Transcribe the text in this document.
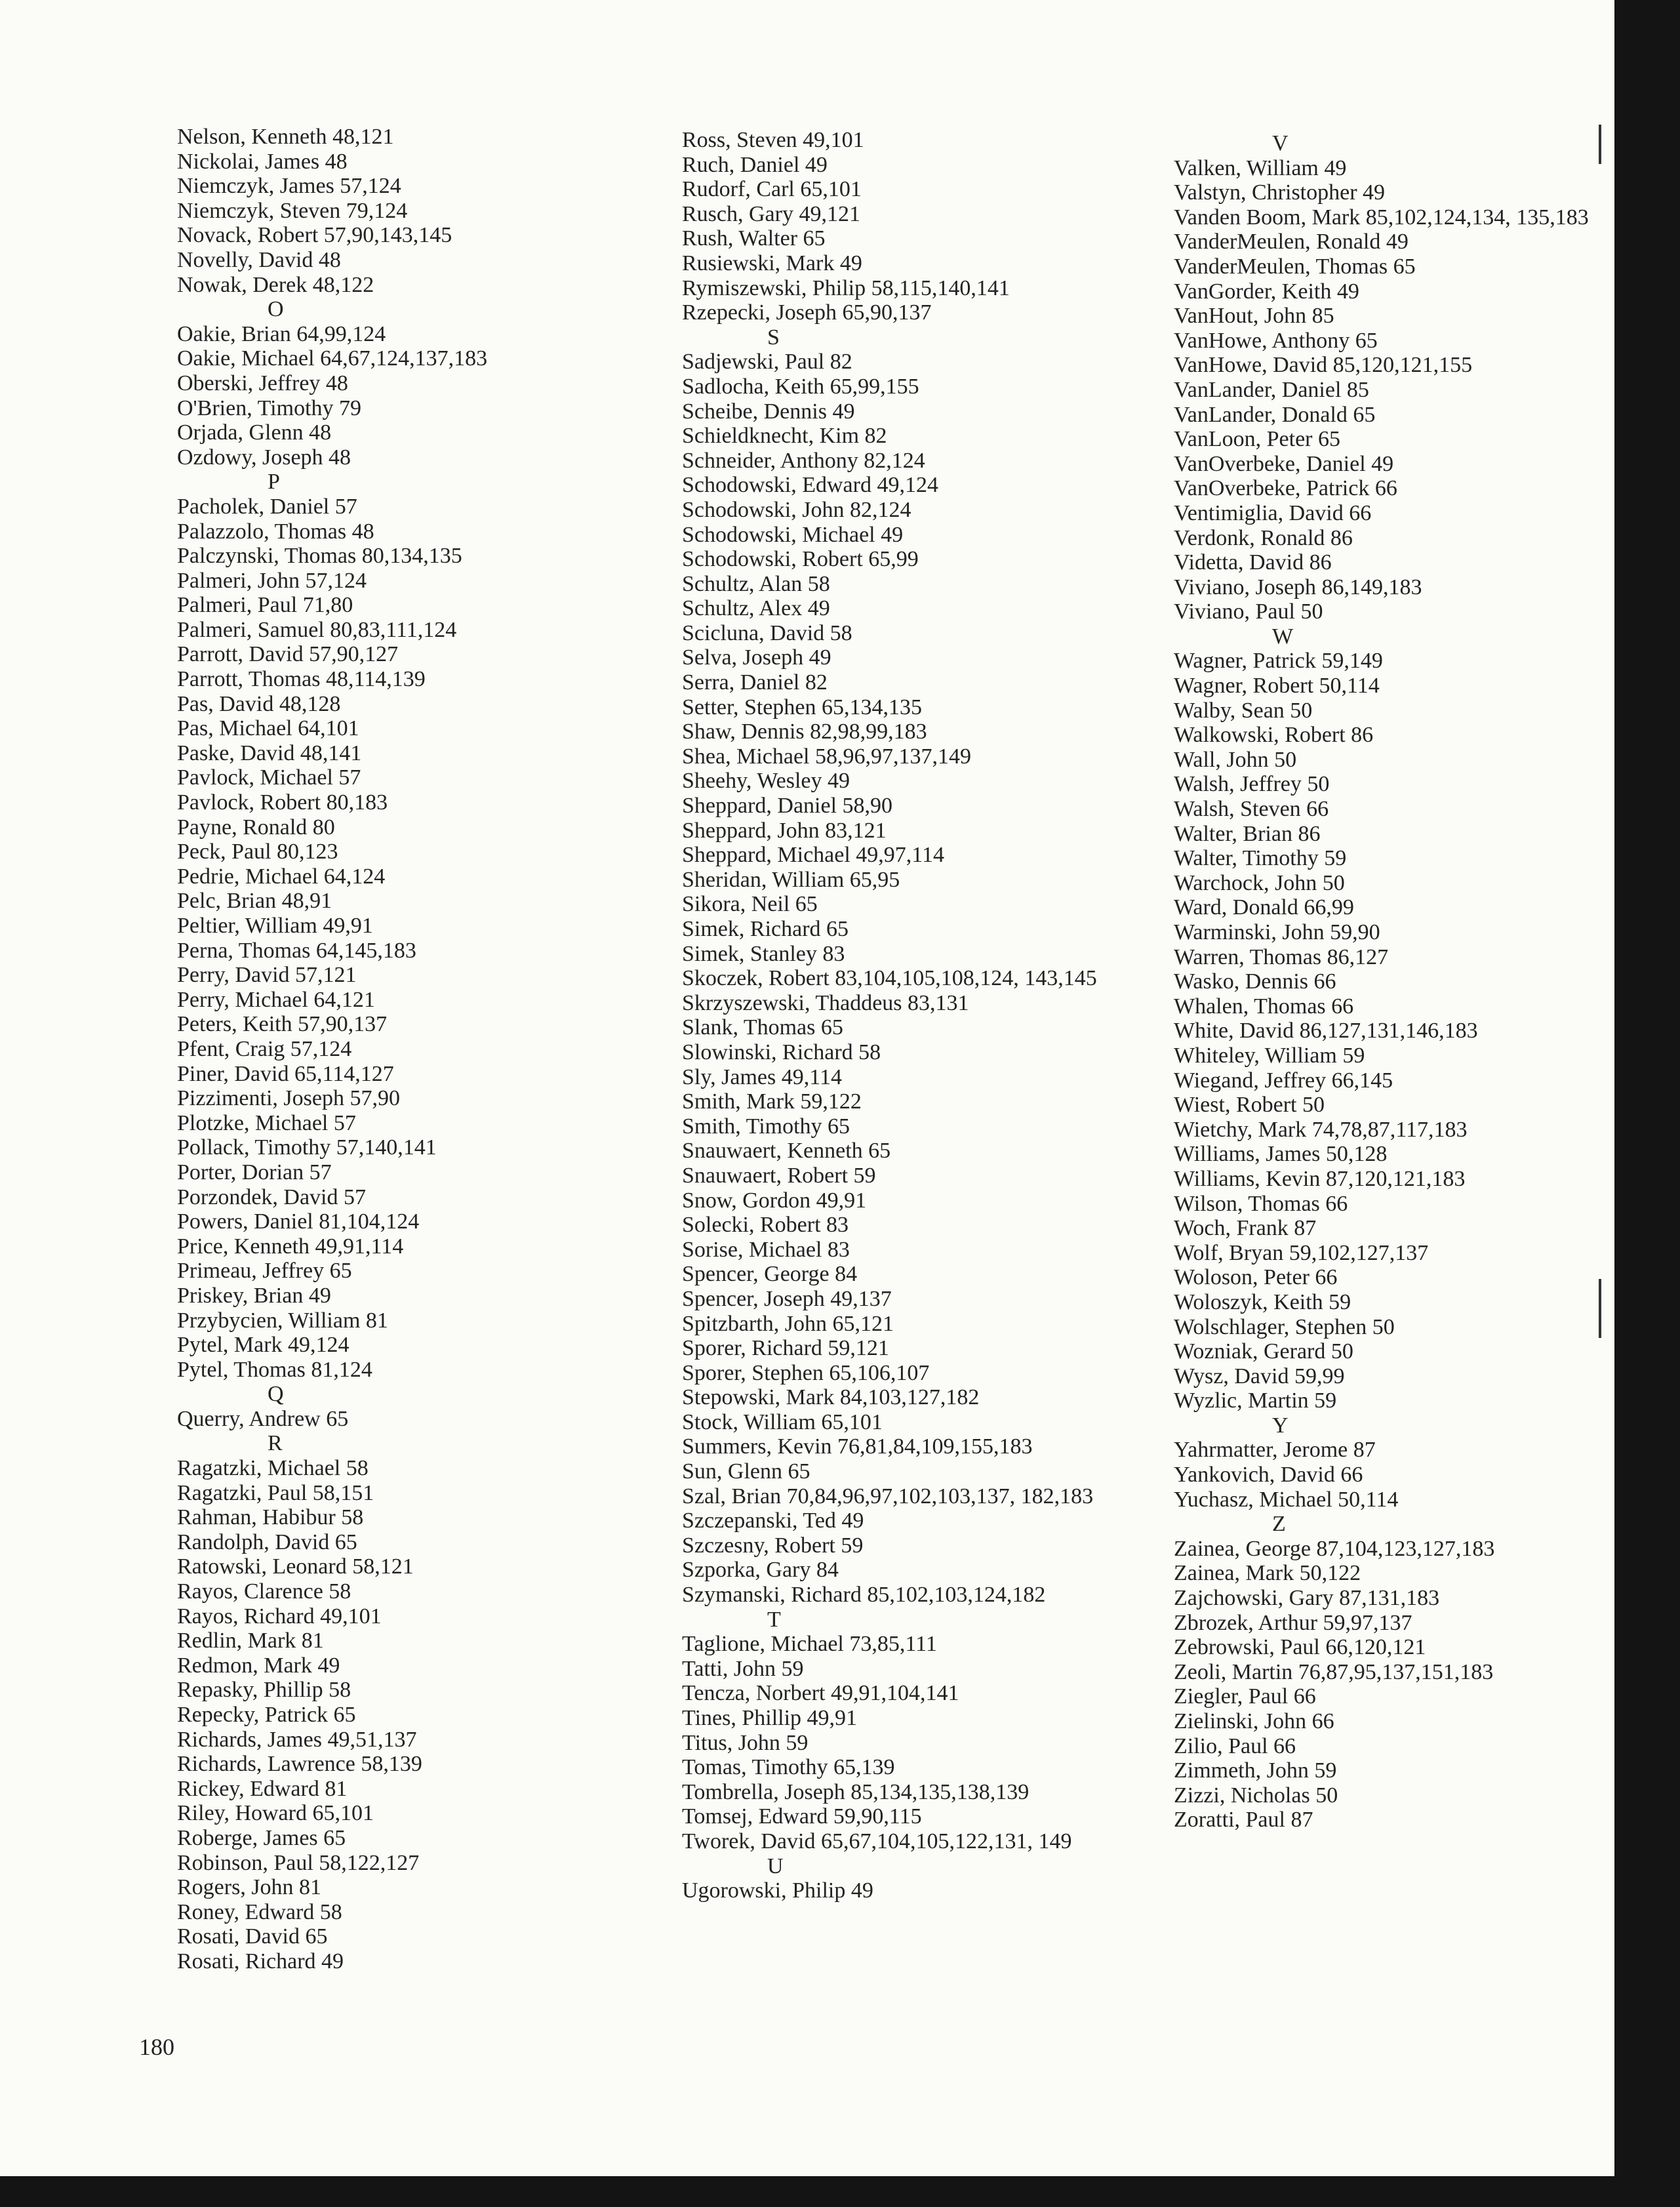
Nelson, Kenneth 48,121
Nickolai, James 48
Niemczyk, James 57,124
Niemczyk, Steven 79,124
Novack, Robert 57,90,143,145
Novelly, David 48
Nowak, Derek 48,122
O
Oakie, Brian 64,99,124
Oakie, Michael 64,67,124,137,183
Oberski, Jeffrey 48
O'Brien, Timothy 79
Orjada, Glenn 48
Ozdowy, Joseph 48
P
Pacholek, Daniel 57
Palazzolo, Thomas 48
Palczynski, Thomas 80,134,135
Palmeri, John 57,124
Palmeri, Paul 71,80
Palmeri, Samuel 80,83,111,124
Parrott, David 57,90,127
Parrott, Thomas 48,114,139
Pas, David 48,128
Pas, Michael 64,101
Paske, David 48,141
Pavlock, Michael 57
Pavlock, Robert 80,183
Payne, Ronald 80
Peck, Paul 80,123
Pedrie, Michael 64,124
Pelc, Brian 48,91
Peltier, William 49,91
Perna, Thomas 64,145,183
Perry, David 57,121
Perry, Michael 64,121
Peters, Keith 57,90,137
Pfent, Craig 57,124
Piner, David 65,114,127
Pizzimenti, Joseph 57,90
Plotzke, Michael 57
Pollack, Timothy 57,140,141
Porter, Dorian 57
Porzondek, David 57
Powers, Daniel 81,104,124
Price, Kenneth 49,91,114
Primeau, Jeffrey 65
Priskey, Brian 49
Przybycien, William 81
Pytel, Mark 49,124
Pytel, Thomas 81,124
Q
Querry, Andrew 65
R
Ragatzki, Michael 58
Ragatzki, Paul 58,151
Rahman, Habibur 58
Randolph, David 65
Ratowski, Leonard 58,121
Rayos, Clarence 58
Rayos, Richard 49,101
Redlin, Mark 81
Redmon, Mark 49
Repasky, Phillip 58
Repecky, Patrick 65
Richards, James 49,51,137
Richards, Lawrence 58,139
Rickey, Edward 81
Riley, Howard 65,101
Roberge, James 65
Robinson, Paul 58,122,127
Rogers, John 81
Roney, Edward 58
Rosati, David 65
Rosati, Richard 49
Ross, Steven 49,101
Ruch, Daniel 49
Rudorf, Carl 65,101
Rusch, Gary 49,121
Rush, Walter 65
Rusiewski, Mark 49
Rymiszewski, Philip 58,115,140,141
Rzepecki, Joseph 65,90,137
S
Sadjewski, Paul 82
Sadlocha, Keith 65,99,155
Scheibe, Dennis 49
Schieldknecht, Kim 82
Schneider, Anthony 82,124
Schodowski, Edward 49,124
Schodowski, John 82,124
Schodowski, Michael 49
Schodowski, Robert 65,99
Schultz, Alan 58
Schultz, Alex 49
Scicluna, David 58
Selva, Joseph 49
Serra, Daniel 82
Setter, Stephen 65,134,135
Shaw, Dennis 82,98,99,183
Shea, Michael 58,96,97,137,149
Sheehy, Wesley 49
Sheppard, Daniel 58,90
Sheppard, John 83,121
Sheppard, Michael 49,97,114
Sheridan, William 65,95
Sikora, Neil 65
Simek, Richard 65
Simek, Stanley 83
Skoczek, Robert 83,104,105,108,124, 143,145
Skrzyszewski, Thaddeus 83,131
Slank, Thomas 65
Slowinski, Richard 58
Sly, James 49,114
Smith, Mark 59,122
Smith, Timothy 65
Snauwaert, Kenneth 65
Snauwaert, Robert 59
Snow, Gordon 49,91
Solecki, Robert 83
Sorise, Michael 83
Spencer, George 84
Spencer, Joseph 49,137
Spitzbarth, John 65,121
Sporer, Richard 59,121
Sporer, Stephen 65,106,107
Stepowski, Mark 84,103,127,182
Stock, William 65,101
Summers, Kevin 76,81,84,109,155,183
Sun, Glenn 65
Szal, Brian 70,84,96,97,102,103,137, 182,183
Szczepanski, Ted 49
Szczesny, Robert 59
Szporka, Gary 84
Szymanski, Richard 85,102,103,124,182
T
Taglione, Michael 73,85,111
Tatti, John 59
Tencza, Norbert 49,91,104,141
Tines, Phillip 49,91
Titus, John 59
Tomas, Timothy 65,139
Tombrella, Joseph 85,134,135,138,139
Tomsej, Edward 59,90,115
Tworek, David 65,67,104,105,122,131, 149
U
Ugorowski, Philip 49
V
Valken, William 49
Valstyn, Christopher 49
Vanden Boom, Mark 85,102,124,134, 135,183
VanderMeulen, Ronald 49
VanderMeulen, Thomas 65
VanGorder, Keith 49
VanHout, John 85
VanHowe, Anthony 65
VanHowe, David 85,120,121,155
VanLander, Daniel 85
VanLander, Donald 65
VanLoon, Peter 65
VanOverbeke, Daniel 49
VanOverbeke, Patrick 66
Ventimiglia, David 66
Verdonk, Ronald 86
Videtta, David 86
Viviano, Joseph 86,149,183
Viviano, Paul 50
W
Wagner, Patrick 59,149
Wagner, Robert 50,114
Walby, Sean 50
Walkowski, Robert 86
Wall, John 50
Walsh, Jeffrey 50
Walsh, Steven 66
Walter, Brian 86
Walter, Timothy 59
Warchock, John 50
Ward, Donald 66,99
Warminski, John 59,90
Warren, Thomas 86,127
Wasko, Dennis 66
Whalen, Thomas 66
White, David 86,127,131,146,183
Whiteley, William 59
Wiegand, Jeffrey 66,145
Wiest, Robert 50
Wietchy, Mark 74,78,87,117,183
Williams, James 50,128
Williams, Kevin 87,120,121,183
Wilson, Thomas 66
Woch, Frank 87
Wolf, Bryan 59,102,127,137
Woloson, Peter 66
Woloszyk, Keith 59
Wolschlager, Stephen 50
Wozniak, Gerard 50
Wysz, David 59,99
Wyzlic, Martin 59
Y
Yahrmatter, Jerome 87
Yankovich, David 66
Yuchasz, Michael 50,114
Z
Zainea, George 87,104,123,127,183
Zainea, Mark 50,122
Zajchowski, Gary 87,131,183
Zbrozek, Arthur 59,97,137
Zebrowski, Paul 66,120,121
Zeoli, Martin 76,87,95,137,151,183
Ziegler, Paul 66
Zielinski, John 66
Zilio, Paul 66
Zimmeth, John 59
Zizzi, Nicholas 50
Zoratti, Paul 87
180
